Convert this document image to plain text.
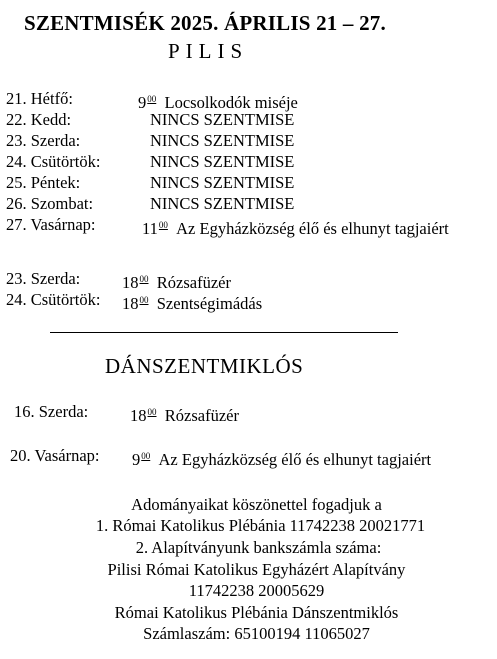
SZENTMISÉK 2025. ÁPRILIS 21 – 27.
PILIS
21. Hétfő:	$9^{00}$ Locsolkodók miséje
22. Kedd:	NINCS SZENTMISE
23. Szerda:	NINCS SZENTMISE
24. Csütörtök:	NINCS SZENTMISE
25. Péntek:	NINCS SZENTMISE
26. Szombat:	NINCS SZENTMISE
27. Vasárnap:	$11^{00}$ Az Egyházközség élő és elhunyt tagjaiért
23. Szerda:	$18^{00}$ Rózsafüzér
24. Csütörtök: $18^{00}$ Szentségimádás
DÁNSZENTMIKLÓS
16. Szerda:	$18^{00}$ Rózsafüzér
20. Vasárnap: $9^{00}$ Az Egyházközség élő és elhunyt tagjaiért
Adományaikat köszönettel fogadjuk a
1. Római Katolikus Plébánia 11742238 20021771
2. Alapítványunk bankszámla száma:
Pilisi Római Katolikus Egyházért Alapítvány
11742238 20005629
Római Katolikus Plébánia Dánszentmiklós
Számlaszám: 65100194 11065027
